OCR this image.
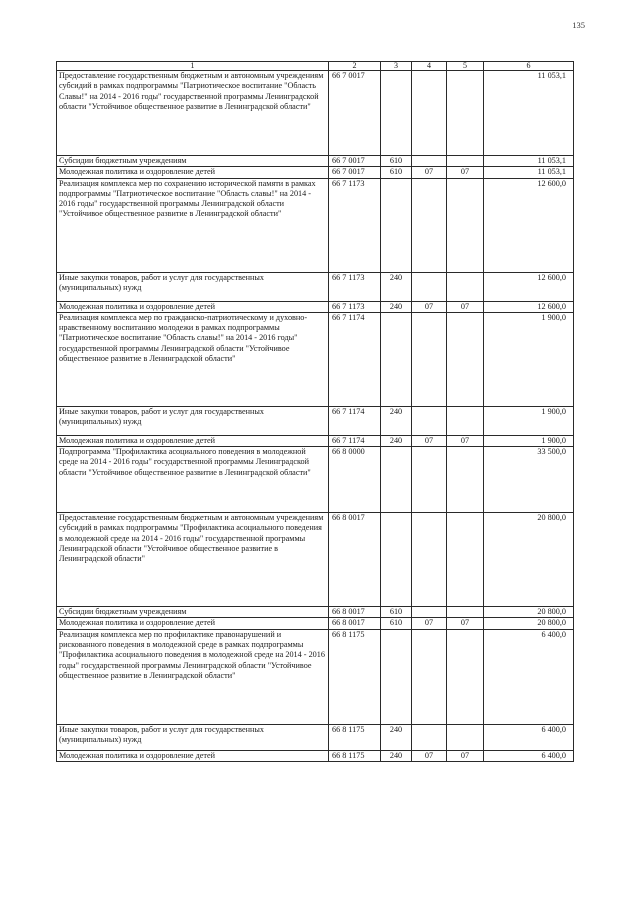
135
1	2	3	4	5	6
Предоставление государственным бюджетным и автономным учреждениям субсидий в рамках подпрограммы "Патриотическое воспитание "Область Славы!" на 2014 - 2016 годы" государственной программы Ленинградской области "Устойчивое общественное развитие в Ленинградской области"	66 7 0017				11 053,1
Субсидии бюджетным учреждениям	66 7 0017	610			11 053,1
Молодежная политика и оздоровление детей	66 7 0017	610	07	07	11 053,1
Реализация комплекса мер по сохранению исторической памяти в рамках подпрограммы "Патриотическое воспитание "Область славы!" на 2014 - 2016 годы" государственной программы Ленинградской области "Устойчивое общественное развитие в Ленинградской области"	66 7 1173				12 600,0
Иные закупки товаров, работ и услуг для государственных (муниципальных) нужд	66 7 1173	240			12 600,0
Молодежная политика и оздоровление детей	66 7 1173	240	07	07	12 600,0
Реализация комплекса мер по гражданско-патриотическому и духовно-нравственному воспитанию молодежи в рамках подпрограммы "Патриотическое воспитание "Область славы!" на 2014 - 2016 годы" государственной программы Ленинградской области "Устойчивое общественное развитие в Ленинградской области"	66 7 1174				1 900,0
Иные закупки товаров, работ и услуг для государственных (муниципальных) нужд	66 7 1174	240			1 900,0
Молодежная политика и оздоровление детей	66 7 1174	240	07	07	1 900,0
Подпрограмма "Профилактика асоциального поведения в молодежной среде на 2014 - 2016 годы" государственной программы Ленинградской области "Устойчивое общественное развитие в Ленинградской области"	66 8 0000				33 500,0
Предоставление государственным бюджетным и автономным учреждениям субсидий в рамках подпрограммы "Профилактика асоциального поведения в молодежной среде на 2014 - 2016 годы" государственной программы Ленинградской области "Устойчивое общественное развитие в Ленинградской области"	66 8 0017				20 800,0
Субсидии бюджетным учреждениям	66 8 0017	610			20 800,0
Молодежная политика и оздоровление детей	66 8 0017	610	07	07	20 800,0
Реализация комплекса мер по профилактике правонарушений и рискованного поведения в молодежной среде в рамках подпрограммы "Профилактика асоциального поведения в молодежной среде на 2014 - 2016 годы" государственной программы Ленинградской области "Устойчивое общественное развитие в Ленинградской области"	66 8 1175				6 400,0
Иные закупки товаров, работ и услуг для государственных (муниципальных) нужд	66 8 1175	240			6 400,0
Молодежная политика и оздоровление детей	66 8 1175	240	07	07	6 400,0
